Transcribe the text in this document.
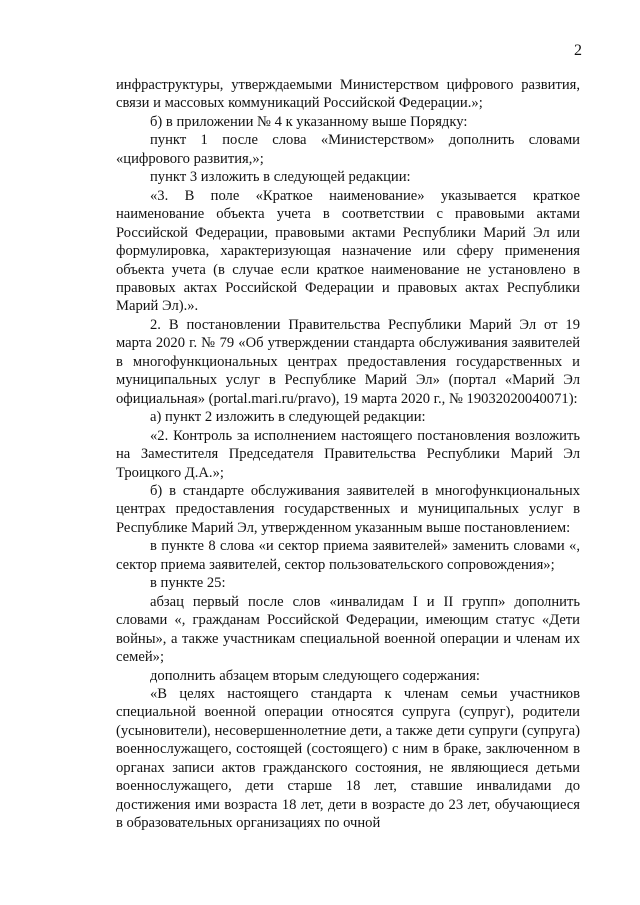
2

инфраструктуры, утверждаемыми Министерством цифрового развития, связи и массовых коммуникаций Российской Федерации.»;

б) в приложении № 4 к указанному выше Порядку:

пункт 1 после слова «Министерством» дополнить словами «цифрового развития,»;

пункт 3 изложить в следующей редакции:

«3. В поле «Краткое наименование» указывается краткое наименование объекта учета в соответствии с правовыми актами Российской Федерации, правовыми актами Республики Марий Эл или формулировка, характеризующая назначение или сферу применения объекта учета (в случае если краткое наименование не установлено в правовых актах Российской Федерации и правовых актах Республики Марий Эл).».

2. В постановлении Правительства Республики Марий Эл от 19 марта 2020 г. № 79 «Об утверждении стандарта обслуживания заявителей в многофункциональных центрах предоставления государственных и муниципальных услуг в Республике Марий Эл» (портал «Марий Эл официальная» (portal.mari.ru/pravo), 19 марта 2020 г., № 19032020040071):

а) пункт 2 изложить в следующей редакции:

«2. Контроль за исполнением настоящего постановления возложить на Заместителя Председателя Правительства Республики Марий Эл Троицкого Д.А.»;

б) в стандарте обслуживания заявителей в многофункциональных центрах предоставления государственных и муниципальных услуг в Республике Марий Эл, утвержденном указанным выше постановлением:

в пункте 8 слова «и сектор приема заявителей» заменить словами «, сектор приема заявителей, сектор пользовательского сопровождения»;

в пункте 25:

абзац первый после слов «инвалидам I и II групп» дополнить словами «, гражданам Российской Федерации, имеющим статус «Дети войны», а также участникам специальной военной операции и членам их семей»;

дополнить абзацем вторым следующего содержания:

«В целях настоящего стандарта к членам семьи участников специальной военной операции относятся супруга (супруг), родители (усыновители), несовершеннолетние дети, а также дети супруги (супруга) военнослужащего, состоящей (состоящего) с ним в браке, заключенном в органах записи актов гражданского состояния, не являющиеся детьми военнослужащего, дети старше 18 лет, ставшие инвалидами до достижения ими возраста 18 лет, дети в возрасте до 23 лет, обучающиеся в образовательных организациях по очной
